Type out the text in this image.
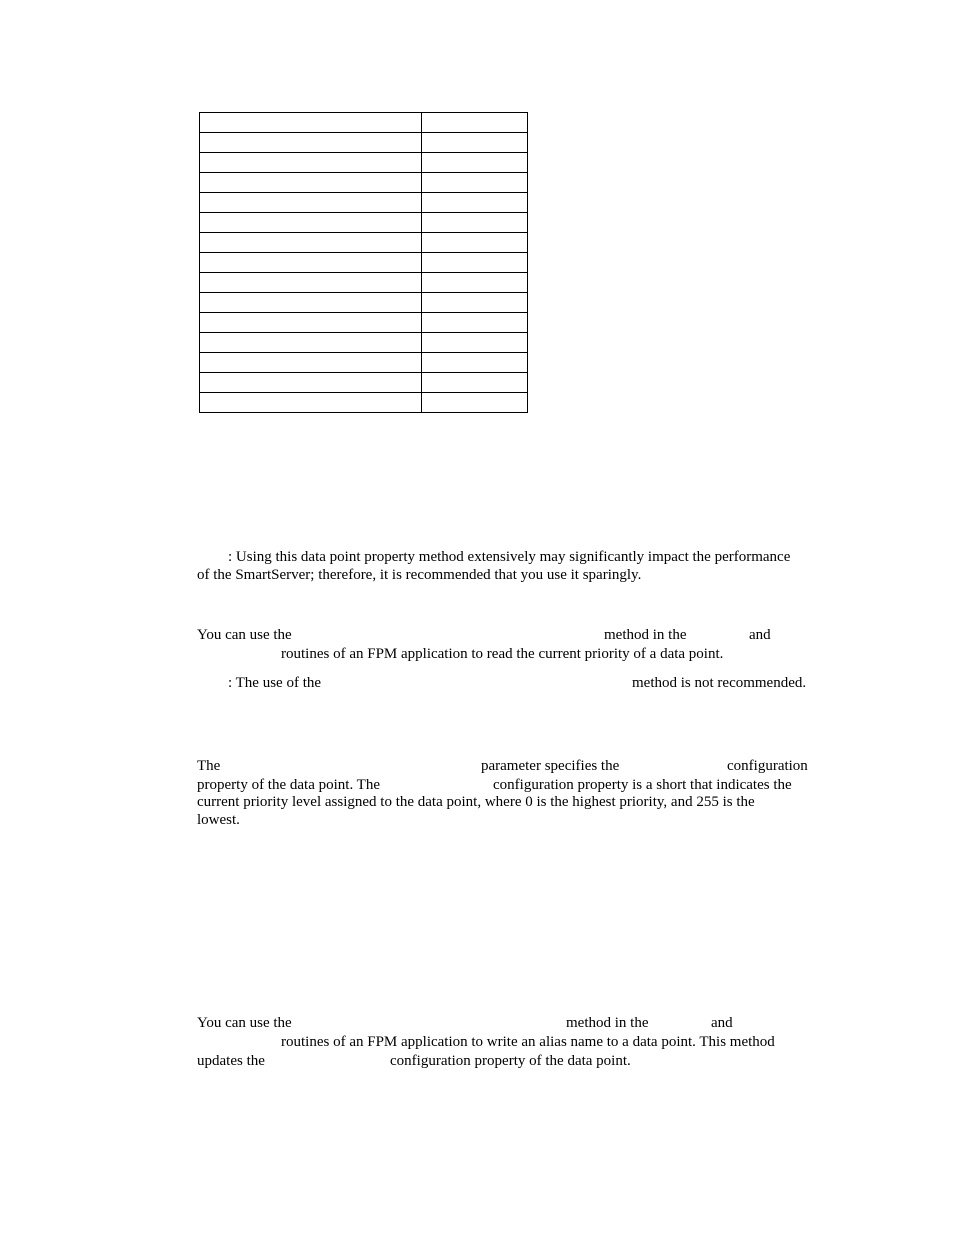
: Using this data point property method extensively may significantly impact the performance
of the SmartServer; therefore, it is recommended that you use it sparingly.
You can use the	method in the	and
routines of an FPM application to read the current priority of a data point.
: The use of the	method is not recommended.
The	parameter specifies the	configuration
property of the data point. The	configuration property is a short that indicates the
current priority level assigned to the data point, where 0 is the highest priority, and 255 is the
lowest.
You can use the	method in the	and
routines of an FPM application to write an alias name to a data point. This method
updates the	configuration property of the data point.
